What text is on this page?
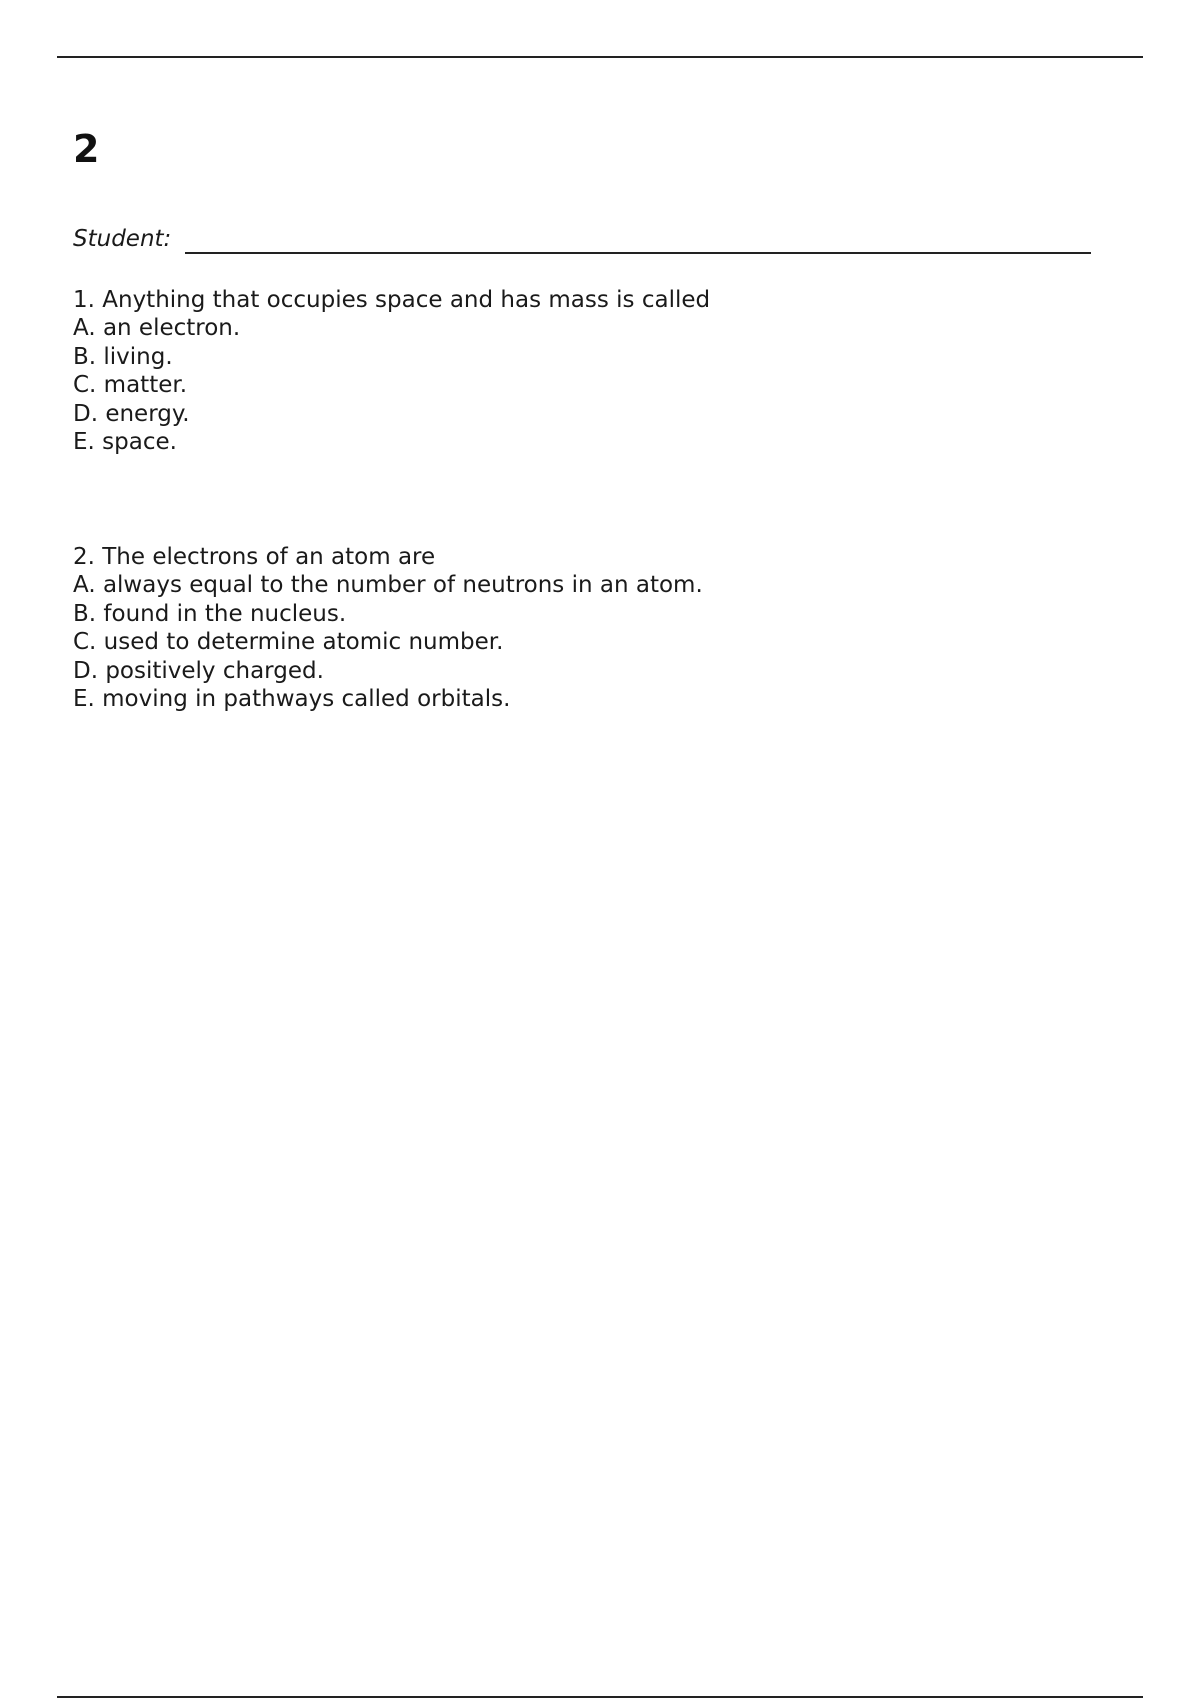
2
Student:
1. Anything that occupies space and has mass is called
A. an electron.
B. living.
C. matter.
D. energy.
E. space.
2. The electrons of an atom are
A. always equal to the number of neutrons in an atom.
B. found in the nucleus.
C. used to determine atomic number.
D. positively charged.
E. moving in pathways called orbitals.
